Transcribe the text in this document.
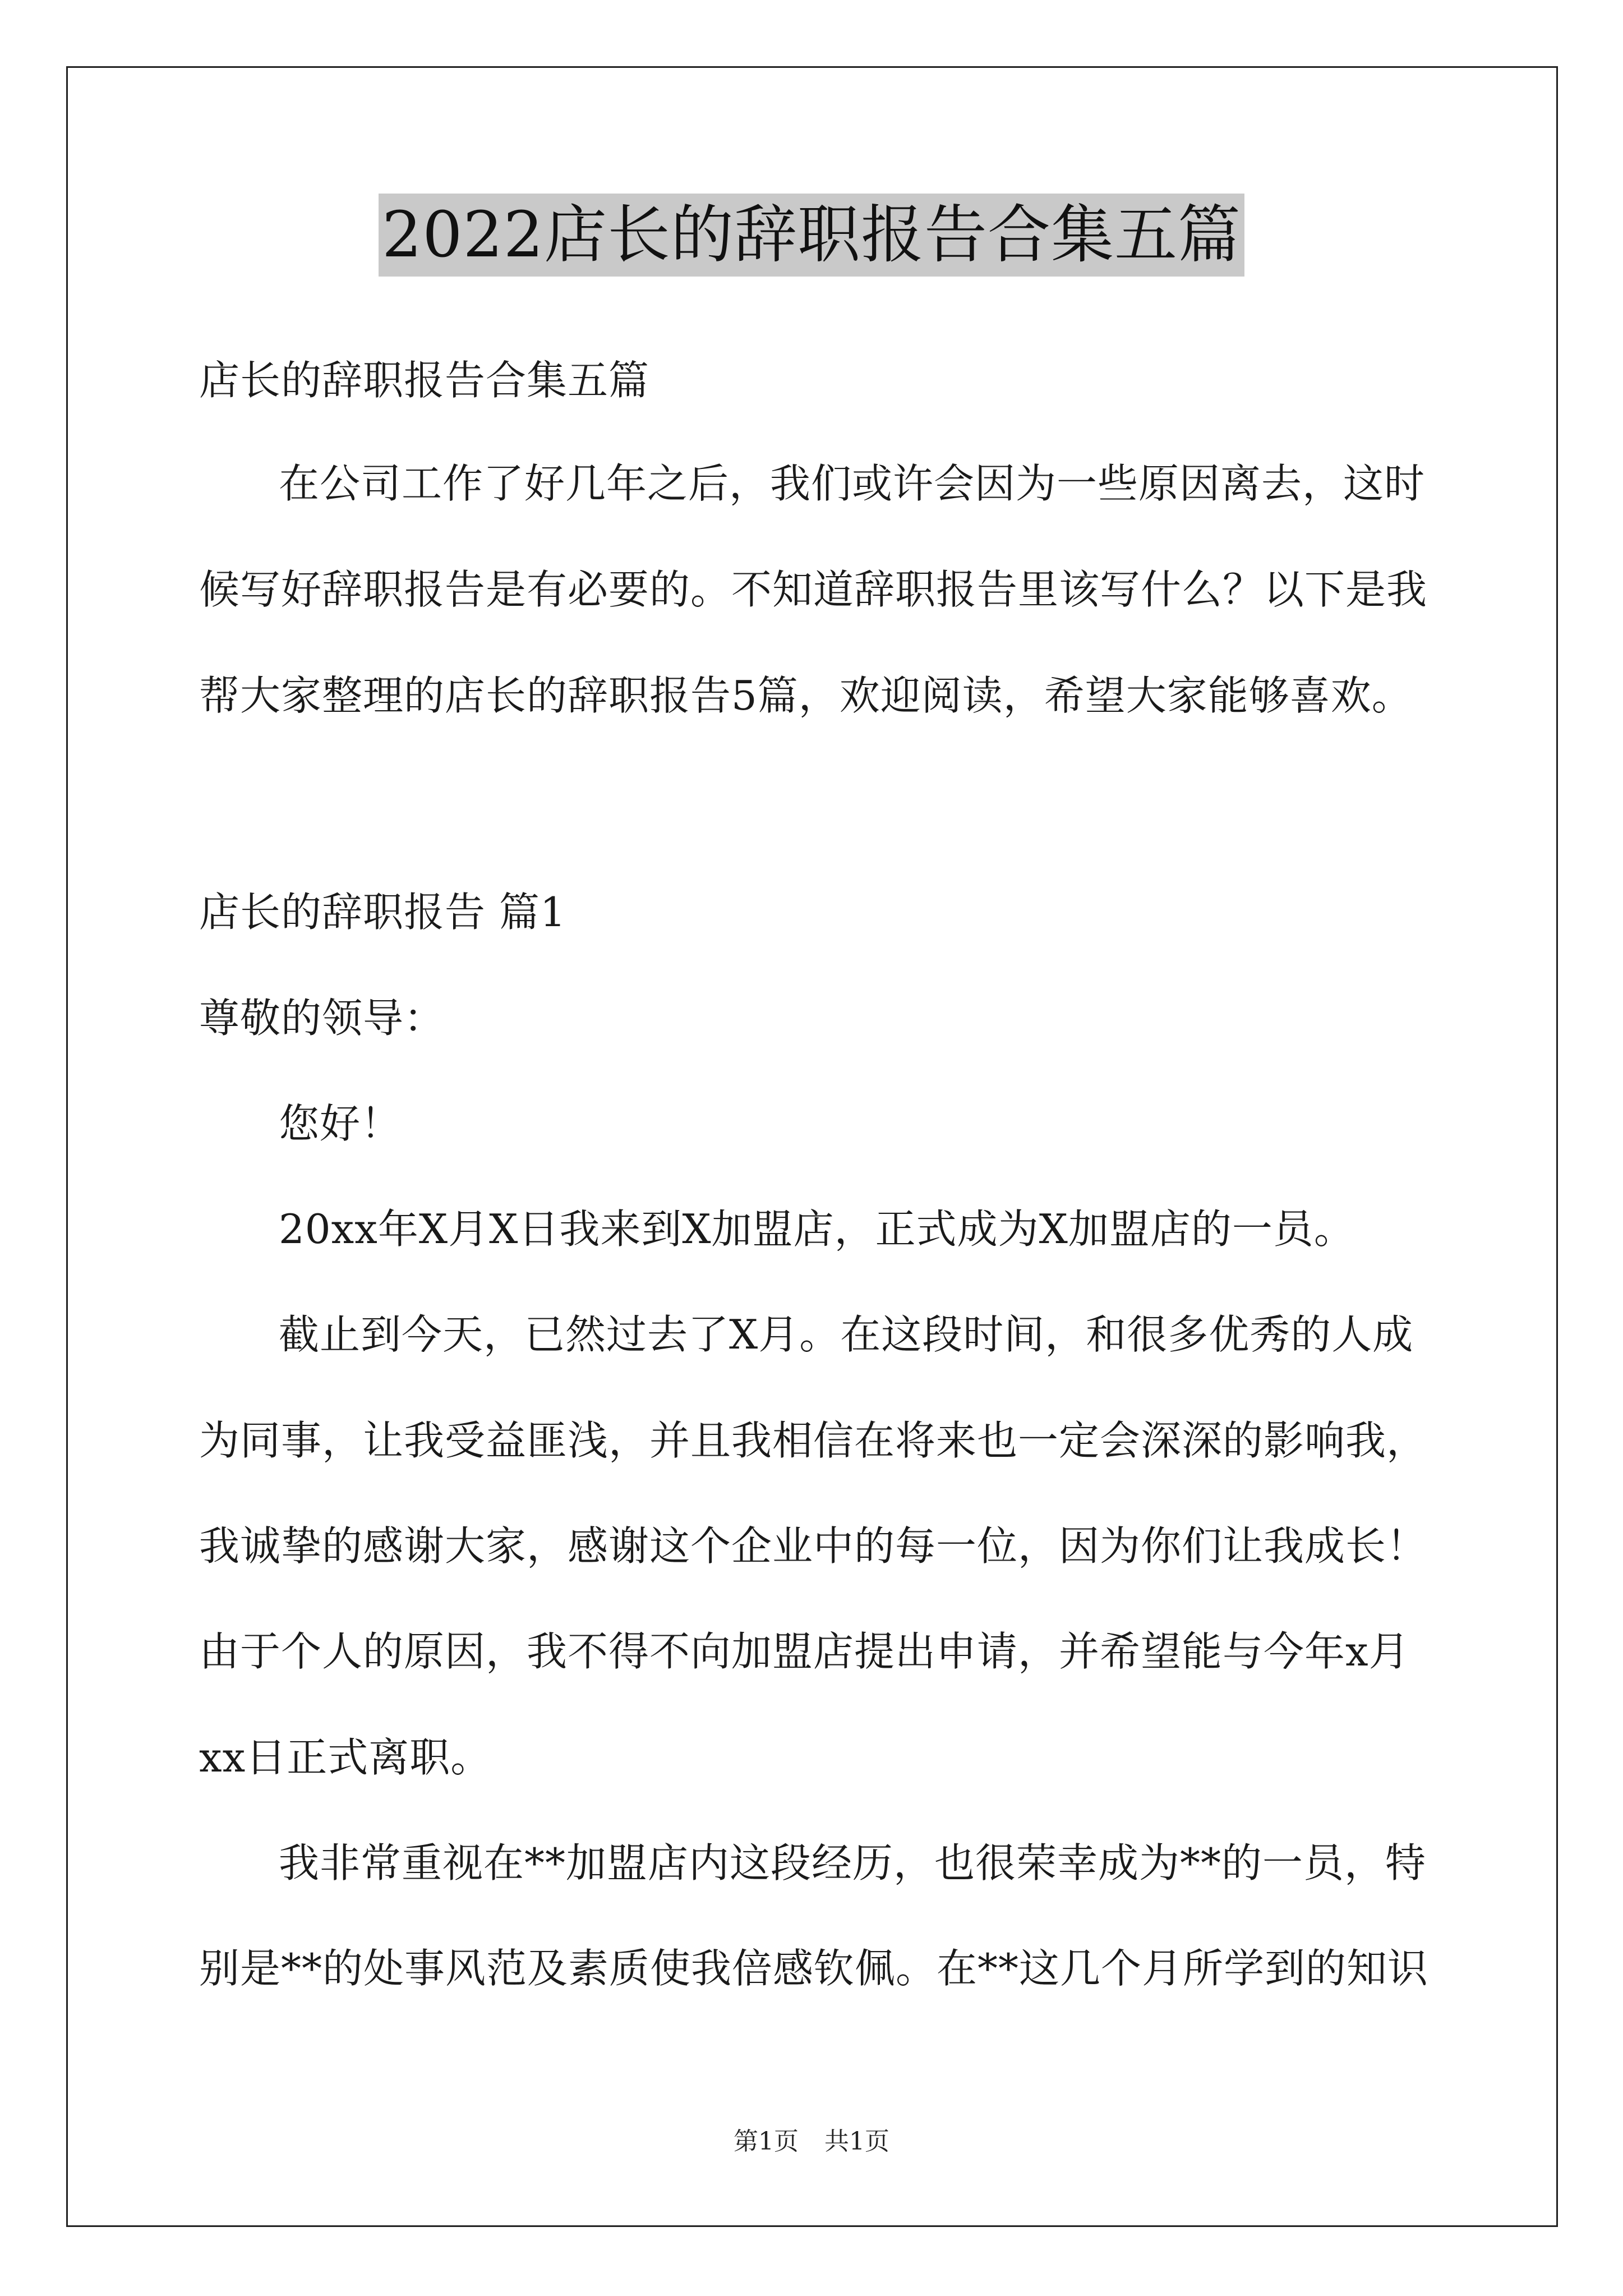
2022店长的辞职报告合集五篇
店长的辞职报告合集五篇
在公司工作了好几年之后，我们或许会因为一些原因离去，这时
候写好辞职报告是有必要的。不知道辞职报告里该写什么？以下是我
帮大家整理的店长的辞职报告5篇，欢迎阅读，希望大家能够喜欢。
店长的辞职报告 篇1
尊敬的领导：
您好！
20xx年X月X日我来到X加盟店，正式成为X加盟店的一员。
截止到今天，已然过去了X月。在这段时间，和很多优秀的人成
为同事，让我受益匪浅，并且我相信在将来也一定会深深的影响我，
我诚挚的感谢大家，感谢这个企业中的每一位，因为你们让我成长！
由于个人的原因，我不得不向加盟店提出申请，并希望能与今年x月
xx日正式离职。
我非常重视在**加盟店内这段经历，也很荣幸成为**的一员，特
别是**的处事风范及素质使我倍感钦佩。在**这几个月所学到的知识
第1页 共1页
